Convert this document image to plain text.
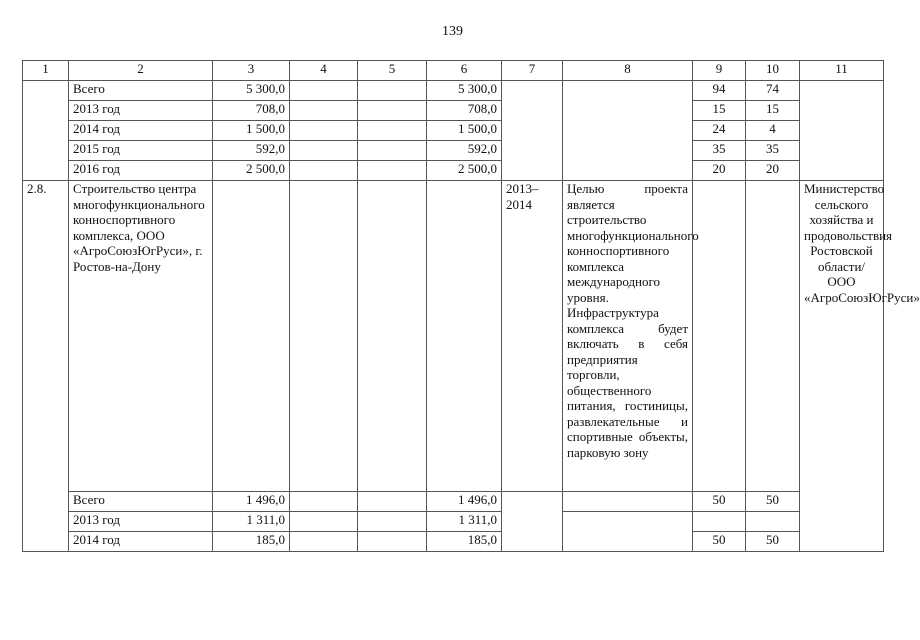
139
1	2	3	4	5	6	7	8	9	10	11
	Всего	5 300,0			5 300,0			94	74	
	2013 год	708,0			708,0			15	15	
	2014 год	1 500,0			1 500,0			24	4	
	2015 год	592,0			592,0			35	35	
	2016 год	2 500,0			2 500,0			20	20	
2.8.	Строительство центра многофункционального конноспортивного комплекса, ООО «АгроСоюзЮгРуси», г. Ростов-на-Дону					2013–2014	Целью проекта является строительство многофункционального конноспортивного комплекса международного уровня. Инфраструктура комплекса будет включать в себя предприятия торговли, общественного питания, гостиницы, развлекательные и спортивные объекты, парковую зону			Министерство сельского хозяйства и продовольствия Ростовской области/ ООО «АгроСоюзЮгРуси»
	Всего	1 496,0			1 496,0			50	50	
	2013 год	1 311,0			1 311,0					
	2014 год	185,0			185,0			50	50	
